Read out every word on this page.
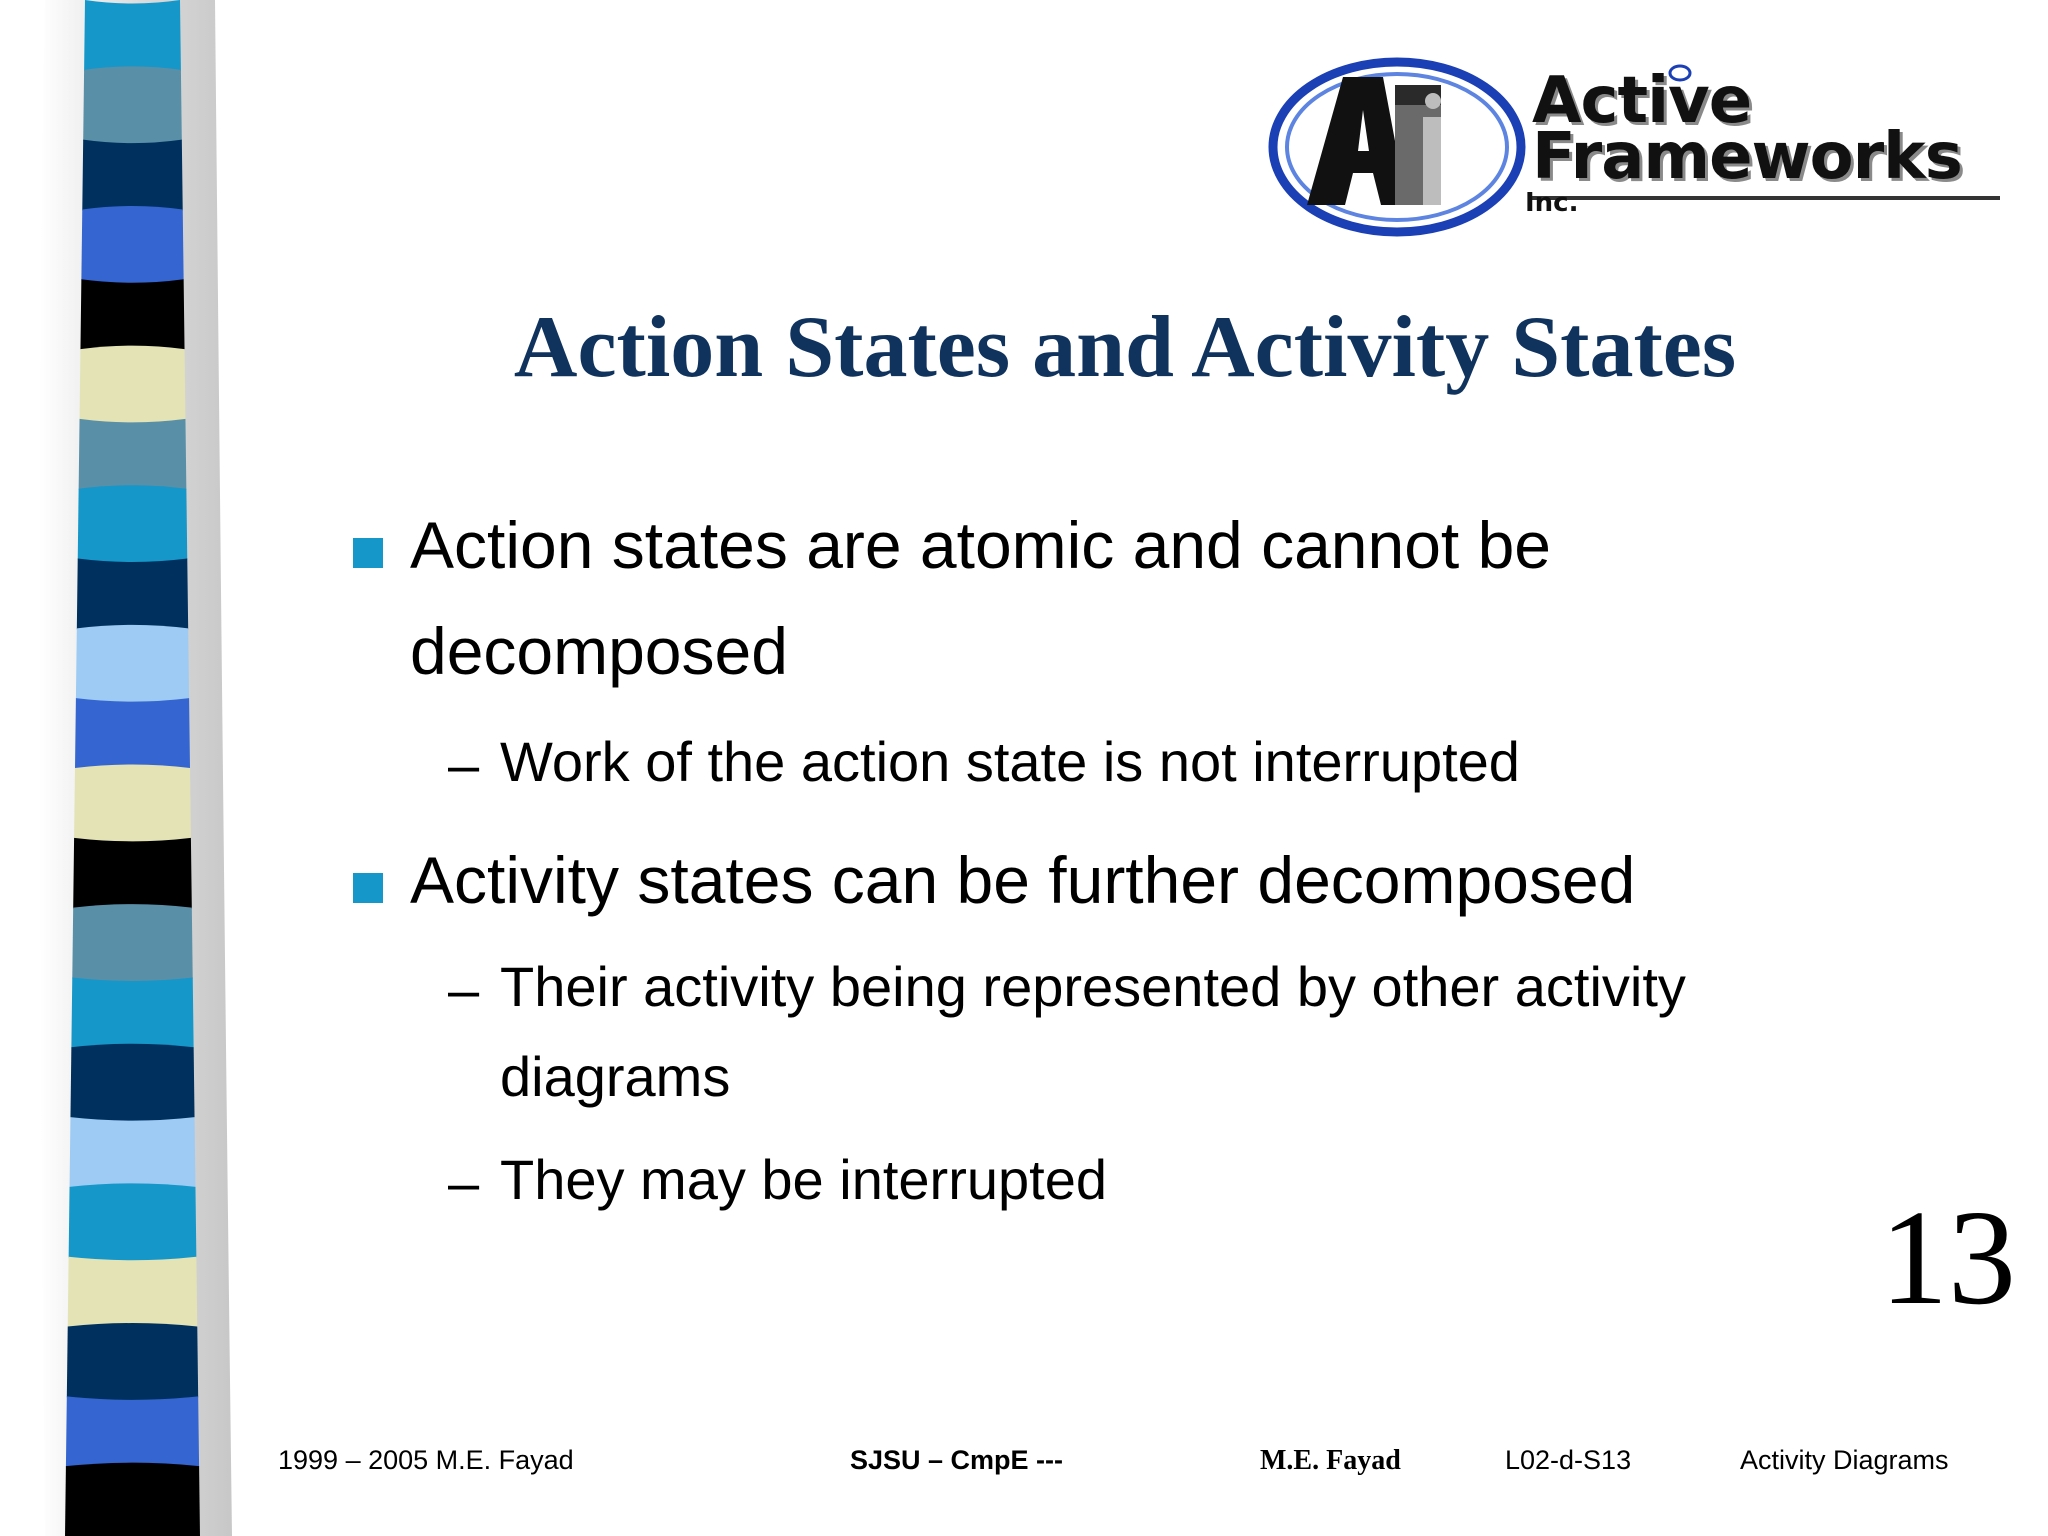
Active
Frameworks
Inc.
Action States and Activity States

Action states are atomic and cannot be
decomposed

– Work of the action state is not interrupted

Activity states can be further decomposed

– Their activity being represented by other activity
diagrams

– They may be interrupted

13
1999 – 2005 M.E. Fayad	SJSU – CmpE ---	M.E. Fayad	L02-d-S13	Activity Diagrams
